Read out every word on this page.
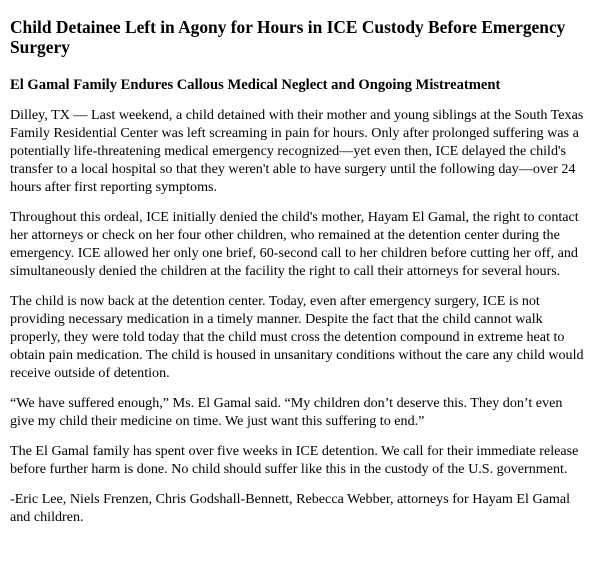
Child Detainee Left in Agony for Hours in ICE Custody Before Emergency Surgery
El Gamal Family Endures Callous Medical Neglect and Ongoing Mistreatment

Dilley, TX — Last weekend, a child detained with their mother and young siblings at the South Texas Family Residential Center was left screaming in pain for hours. Only after prolonged suffering was a potentially life-threatening medical emergency recognized—yet even then, ICE delayed the child's transfer to a local hospital so that they weren't able to have surgery until the following day—over 24 hours after first reporting symptoms.

Throughout this ordeal, ICE initially denied the child's mother, Hayam El Gamal, the right to contact her attorneys or check on her four other children, who remained at the detention center during the emergency. ICE allowed her only one brief, 60-second call to her children before cutting her off, and simultaneously denied the children at the facility the right to call their attorneys for several hours.

The child is now back at the detention center. Today, even after emergency surgery, ICE is not providing necessary medication in a timely manner. Despite the fact that the child cannot walk properly, they were told today that the child must cross the detention compound in extreme heat to obtain pain medication. The child is housed in unsanitary conditions without the care any child would receive outside of detention.

“We have suffered enough,” Ms. El Gamal said. “My children don’t deserve this. They don’t even give my child their medicine on time. We just want this suffering to end.”

The El Gamal family has spent over five weeks in ICE detention. We call for their immediate release before further harm is done. No child should suffer like this in the custody of the U.S. government.

-Eric Lee, Niels Frenzen, Chris Godshall-Bennett, Rebecca Webber, attorneys for Hayam El Gamal and children.
